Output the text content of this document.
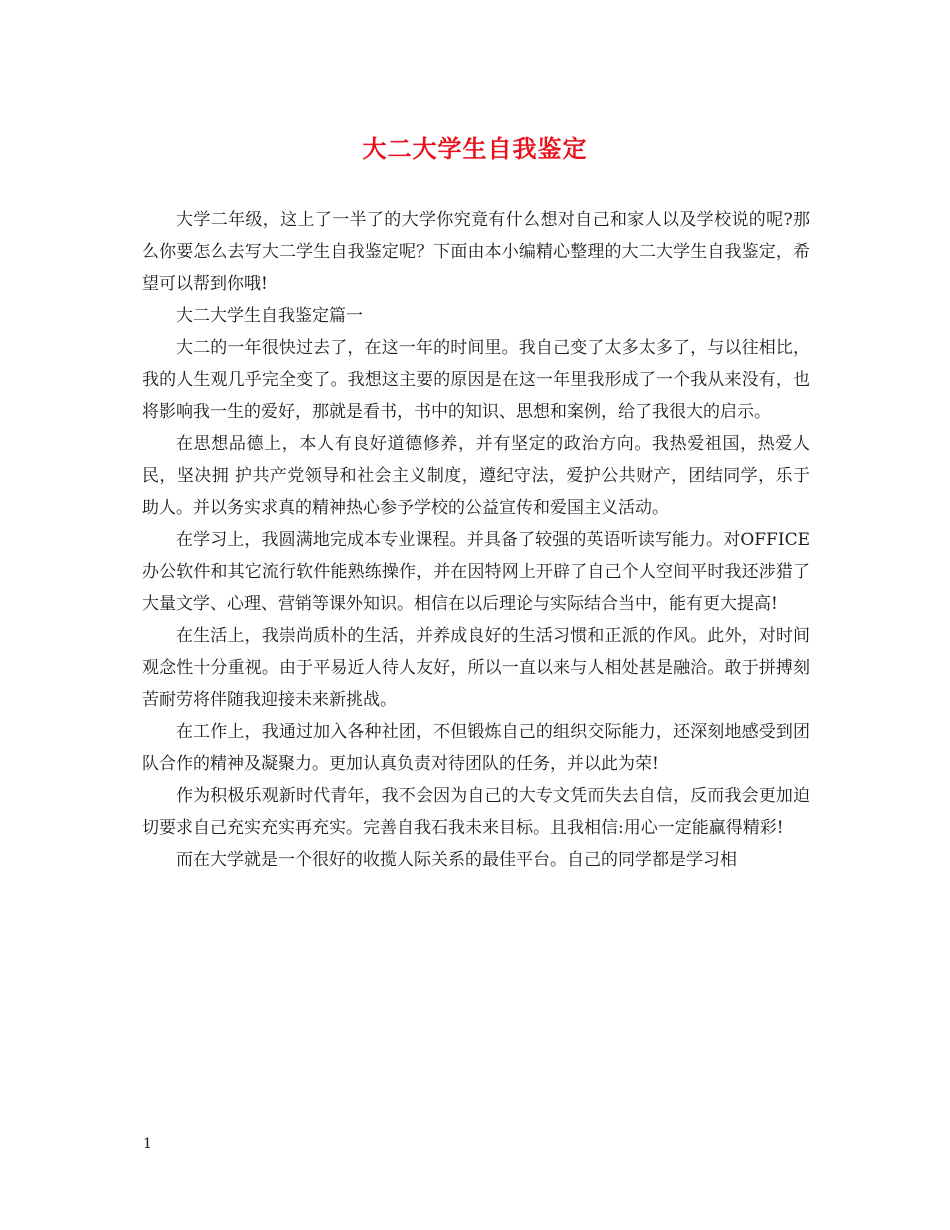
大二大学生自我鉴定

大学二年级，这上了一半了的大学你究竟有什么想对自己和家人以及学校说的呢?那么你要怎么去写大二学生自我鉴定呢？下面由本小编精心整理的大二大学生自我鉴定，希望可以帮到你哦!

大二大学生自我鉴定篇一

大二的一年很快过去了，在这一年的时间里。我自己变了太多太多了，与以往相比，我的人生观几乎完全变了。我想这主要的原因是在这一年里我形成了一个我从来没有，也将影响我一生的爱好，那就是看书，书中的知识、思想和案例，给了我很大的启示。

在思想品德上，本人有良好道德修养，并有坚定的政治方向。我热爱祖国，热爱人民，坚决拥 护共产党领导和社会主义制度，遵纪守法，爱护公共财产，团结同学，乐于助人。并以务实求真的精神热心参予学校的公益宣传和爱国主义活动。

在学习上，我圆满地完成本专业课程。并具备了较强的英语听读写能力。对OFFICE办公软件和其它流行软件能熟练操作，并在因特网上开辟了自己个人空间平时我还涉猎了大量文学、心理、营销等课外知识。相信在以后理论与实际结合当中，能有更大提高!

在生活上，我崇尚质朴的生活，并养成良好的生活习惯和正派的作风。此外，对时间观念性十分重视。由于平易近人待人友好，所以一直以来与人相处甚是融洽。敢于拼搏刻苦耐劳将伴随我迎接未来新挑战。

在工作上，我通过加入各种社团，不但锻炼自己的组织交际能力，还深刻地感受到团队合作的精神及凝聚力。更加认真负责对待团队的任务，并以此为荣!

作为积极乐观新时代青年，我不会因为自己的大专文凭而失去自信，反而我会更加迫切要求自己充实充实再充实。完善自我石我未来目标。且我相信:用心一定能赢得精彩!

而在大学就是一个很好的收揽人际关系的最佳平台。自己的同学都是学习相

1
